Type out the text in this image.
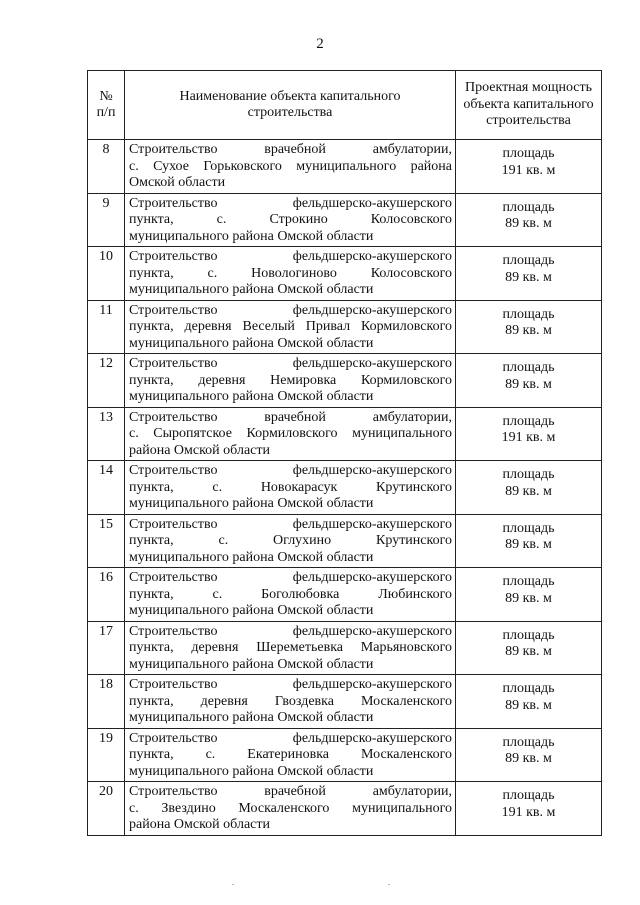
2
№
п/п	Наименование объекта капитального строительства	Проектная мощность объекта капитального строительства
8	Строительство врачебной амбулатории,
с. Сухое Горьковского муниципального района
Омской области	площадь
191 кв. м

9	Строительство фельдшерско-акушерского
пункта, с. Строкино Колосовского
муниципального района Омской области	площадь
89 кв. м

10	Строительство фельдшерско-акушерского
пункта, с. Новологиново Колосовского
муниципального района Омской области	площадь
89 кв. м

11	Строительство фельдшерско-акушерского
пункта, деревня Веселый Привал Кормиловского
муниципального района Омской области	площадь
89 кв. м

12	Строительство фельдшерско-акушерского
пункта, деревня Немировка Кормиловского
муниципального района Омской области	площадь
89 кв. м

13	Строительство врачебной амбулатории,
с. Сыропятское Кормиловского муниципального
района Омской области	площадь
191 кв. м

14	Строительство фельдшерско-акушерского
пункта, с. Новокарасук Крутинского
муниципального района Омской области	площадь
89 кв. м

15	Строительство фельдшерско-акушерского
пункта, с. Оглухино Крутинского
муниципального района Омской области	площадь
89 кв. м

16	Строительство фельдшерско-акушерского
пункта, с. Боголюбовка Любинского
муниципального района Омской области	площадь
89 кв. м

17	Строительство фельдшерско-акушерского
пункта, деревня Шереметьевка Марьяновского
муниципального района Омской области	площадь
89 кв. м

18	Строительство фельдшерско-акушерского
пункта, деревня Гвоздевка Москаленского
муниципального района Омской области	площадь
89 кв. м

19	Строительство фельдшерско-акушерского
пункта, с. Екатериновка Москаленского
муниципального района Омской области	площадь
89 кв. м

20	Строительство врачебной амбулатории,
с. Звездино Москаленского муниципального
района Омской области	площадь
191 кв. м
